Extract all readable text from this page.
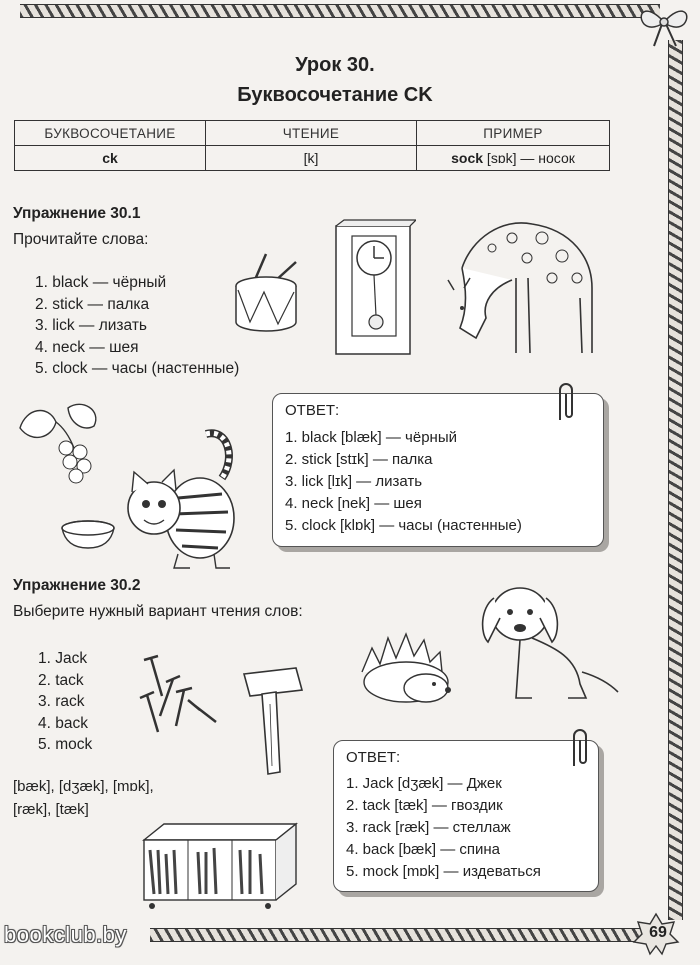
Урок 30.
Буквосочетание CK
БУКВОСОЧЕТАНИЕ	ЧТЕНИЕ	ПРИМЕР
ck	[k]	sock [sɒk] — носок
Упражнение 30.1
Прочитайте слова:
1. black — чёрный
2. stick — палка
3. lick — лизать
4. neck — шея
5. clock — часы (настенные)
ОТВЕТ:
1. black [blæk] — чёрный
2. stick [stɪk] — палка
3. lick [lɪk] — лизать
4. neck [nek] — шея
5. clock [klɒk] — часы (настенные)
Упражнение 30.2
Выберите нужный вариант чтения слов:
1. Jack
2. tack
3. rack
4. back
5. mock
[bæk], [dʒæk], [mɒk],
[ræk], [tæk]
ОТВЕТ:
1. Jack [dʒæk] — Джек
2. tack [tæk] — гвоздик
3. rack [ræk] — стеллаж
4. back [bæk] — спина
5. mock [mɒk] — издеваться
bookclub.by	69
